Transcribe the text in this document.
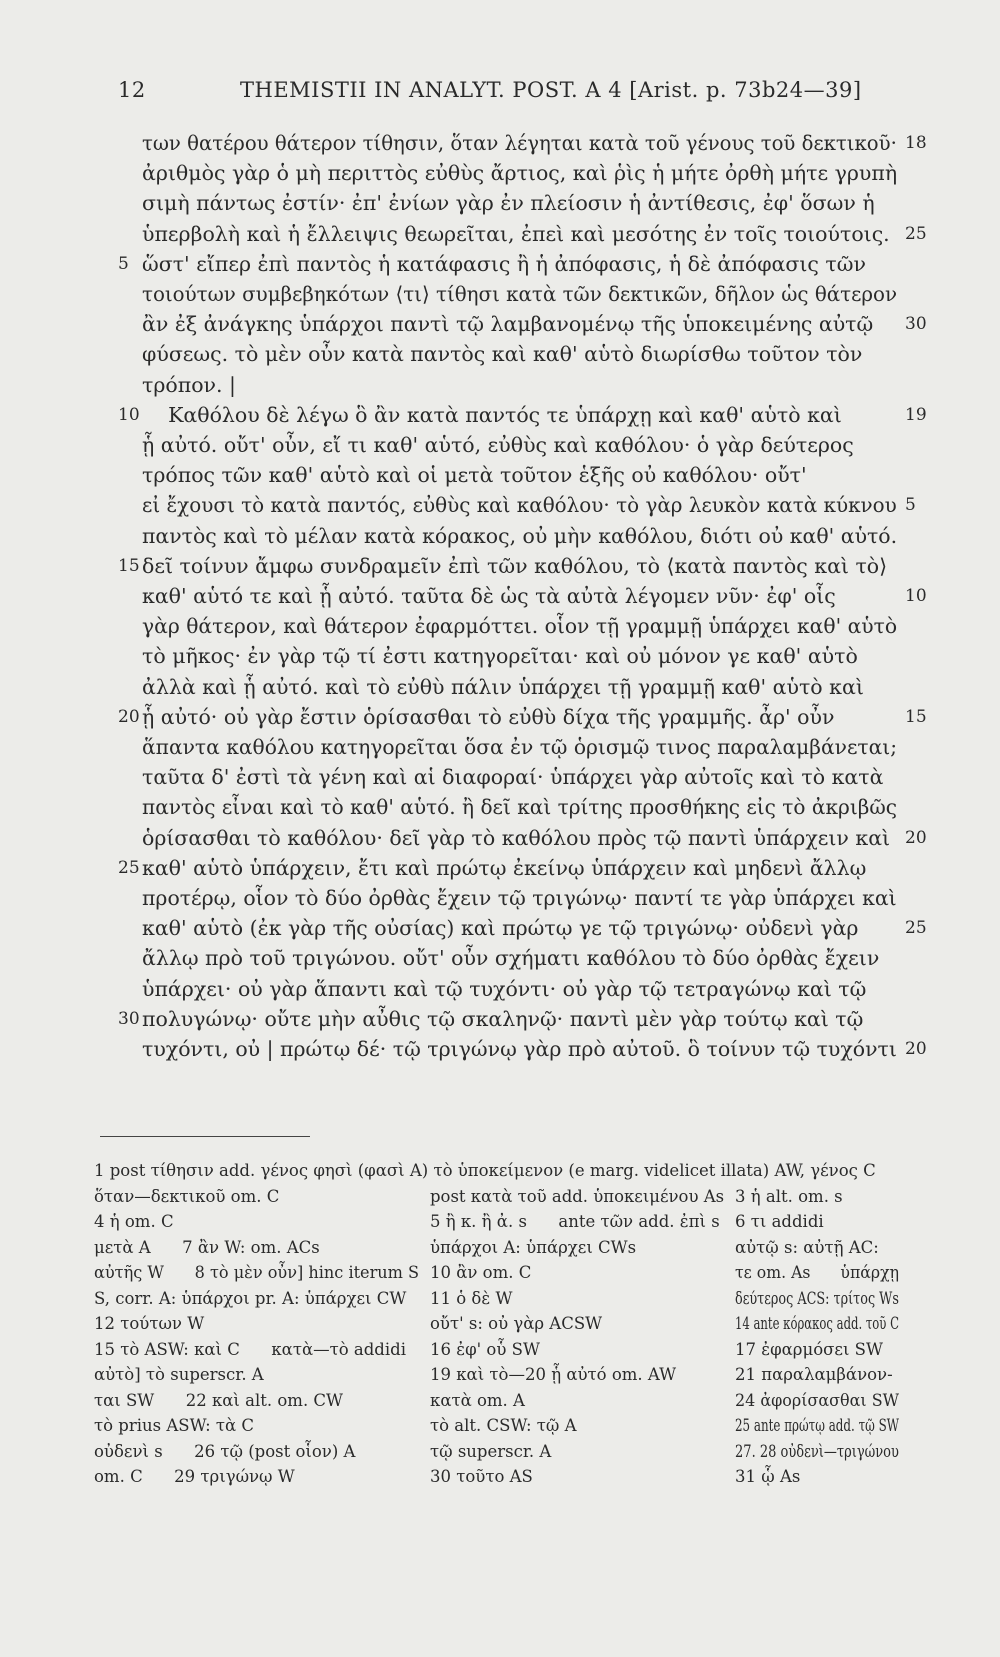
12	THEMISTII IN ANALYT. POST. A 4 [Arist. p. 73b24—39]
των θατέρου θάτερον τίθησιν, ὅταν λέγηται κατὰ τοῦ γένους τοῦ δεκτικοῦ· 18
ἀριθμὸς γὰρ ὁ μὴ περιττὸς εὐθὺς ἄρτιος, καὶ ῥὶς ἡ μήτε ὀρθὴ μήτε γρυπὴ
σιμὴ πάντως ἐστίν· ἐπ' ἐνίων γὰρ ἐν πλείοσιν ἡ ἀντίθεσις, ἐφ' ὅσων ἡ
ὑπερβολὴ καὶ ἡ ἔλλειψις θεωρεῖται, ἐπεὶ καὶ μεσότης ἐν τοῖς τοιούτοις. 25
5 ὥστ' εἴπερ ἐπὶ παντὸς ἡ κατάφασις ἢ ἡ ἀπόφασις, ἡ δὲ ἀπόφασις τῶν
τοιούτων συμβεβηκότων ⟨τι⟩ τίθησι κατὰ τῶν δεκτικῶν, δῆλον ὡς θάτερον
ἂν ἐξ ἀνάγκης ὑπάρχοι παντὶ τῷ λαμβανομένῳ τῆς ὑποκειμένης αὐτῷ 30
φύσεως. τὸ μὲν οὖν κατὰ παντὸς καὶ καθ' αὑτὸ διωρίσθω τοῦτον τὸν
τρόπον. |
10 Καθόλου δὲ λέγω ὃ ἂν κατὰ παντός τε ὑπάρχῃ καὶ καθ' αὑτὸ καὶ	19
ᾗ αὐτό. οὔτ' οὖν, εἴ τι καθ' αὑτό, εὐθὺς καὶ καθόλου· ὁ γὰρ δεύτερος
τρόπος τῶν καθ' αὑτὸ καὶ οἱ μετὰ τοῦτον ἑξῆς οὐ καθόλου· οὔτ'
εἰ ἔχουσι τὸ κατὰ παντός, εὐθὺς καὶ καθόλου· τὸ γὰρ λευκὸν κατὰ κύκνου 5
παντὸς καὶ τὸ μέλαν κατὰ κόρακος, οὐ μὴν καθόλου, διότι οὐ καθ' αὑτό.
15 δεῖ τοίνυν ἄμφω συνδραμεῖν ἐπὶ τῶν καθόλου, τὸ ⟨κατὰ παντὸς καὶ τὸ⟩
καθ' αὑτό τε καὶ ᾗ αὐτό. ταῦτα δὲ ὡς τὰ αὐτὰ λέγομεν νῦν· ἐφ' οἷς	10
γὰρ θάτερον, καὶ θάτερον ἐφαρμόττει. οἷον τῇ γραμμῇ ὑπάρχει καθ' αὑτὸ
τὸ μῆκος· ἐν γὰρ τῷ τί ἐστι κατηγορεῖται· καὶ οὐ μόνον γε καθ' αὑτὸ
ἀλλὰ καὶ ᾗ αὐτό. καὶ τὸ εὐθὺ πάλιν ὑπάρχει τῇ γραμμῇ καθ' αὑτὸ καὶ
20 ᾗ αὐτό· οὐ γὰρ ἔστιν ὁρίσασθαι τὸ εὐθὺ δίχα τῆς γραμμῆς. ἆρ' οὖν	15
ἅπαντα καθόλου κατηγορεῖται ὅσα ἐν τῷ ὁρισμῷ τινος παραλαμβάνεται;
ταῦτα δ' ἐστὶ τὰ γένη καὶ αἱ διαφοραί· ὑπάρχει γὰρ αὐτοῖς καὶ τὸ κατὰ
παντὸς εἶναι καὶ τὸ καθ' αὑτό. ἢ δεῖ καὶ τρίτης προσθήκης εἰς τὸ ἀκριβῶς
ὁρίσασθαι τὸ καθόλου· δεῖ γὰρ τὸ καθόλου πρὸς τῷ παντὶ ὑπάρχειν καὶ 20
25 καθ' αὑτὸ ὑπάρχειν, ἔτι καὶ πρώτῳ ἐκείνῳ ὑπάρχειν καὶ μηδενὶ ἄλλῳ
προτέρῳ, οἷον τὸ δύο ὀρθὰς ἔχειν τῷ τριγώνῳ· παντί τε γὰρ ὑπάρχει καὶ
καθ' αὑτὸ (ἐκ γὰρ τῆς οὐσίας) καὶ πρώτῳ γε τῷ τριγώνῳ· οὐδενὶ γὰρ	25
ἄλλῳ πρὸ τοῦ τριγώνου. οὔτ' οὖν σχήματι καθόλου τὸ δύο ὀρθὰς ἔχειν
ὑπάρχει· οὐ γὰρ ἅπαντι καὶ τῷ τυχόντι· οὐ γὰρ τῷ τετραγώνῳ καὶ τῷ
30 πολυγώνῳ· οὔτε μὴν αὖθις τῷ σκαληνῷ· παντὶ μὲν γὰρ τούτῳ καὶ τῷ
τυχόντι, οὐ | πρώτῳ δέ· τῷ τριγώνῳ γὰρ πρὸ αὐτοῦ. ὃ τοίνυν τῷ τυχόντι 20
1 post τίθησιν add. γένος φησὶ (φασὶ A) τὸ ὑποκείμενον (e marg. videlicet illata) AW, γένος C
ὅταν—δεκτικοῦ om. C	post κατὰ τοῦ add. ὑποκειμένου As 3 ἡ alt. om. s
4 ἡ om. C	5 ἢ κ. ἢ ἀ. s      ante τῶν add. ἐπὶ s 6 τι addidi
μετὰ A      7 ἂν W: om. ACs	ὑπάρχοι A: ὑπάρχει CWs	αὐτῷ s: αὐτῇ AC:
αὐτῆς W      8 τὸ μὲν οὖν] hinc iterum S 10 ἂν om. C	τε om. As      ὑπάρχῃ
S, corr. A: ὑπάρχοι pr. A: ὑπάρχει CW 11 ὁ δὲ W	δεύτερος ACS: τρίτος Ws
12 τούτων W	οὔτ' s: οὐ γὰρ ACSW	14 ante κόρακος add. τοῦ C
15 τὸ ASW: καὶ C      κατὰ—τὸ addidi 16 ἐφ' οὗ SW	17 ἐφαρμόσει SW
αὐτὸ] τὸ superscr. A	19 καὶ τὸ—20 ᾗ αὐτό om. AW	21 παραλαμβάνον-
ται SW      22 καὶ alt. om. CW	κατὰ om. A	24 ἀφορίσασθαι SW
τὸ prius ASW: τὰ C	τὸ alt. CSW: τῷ A	25 ante πρώτῳ add. τῷ SW
οὐδενὶ s      26 τῷ (post οἷον) A	τῷ superscr. A	27. 28 οὐδενὶ—τριγώνου
om. C      29 τριγώνῳ W	30 τοῦτο AS	31 ᾧ As
